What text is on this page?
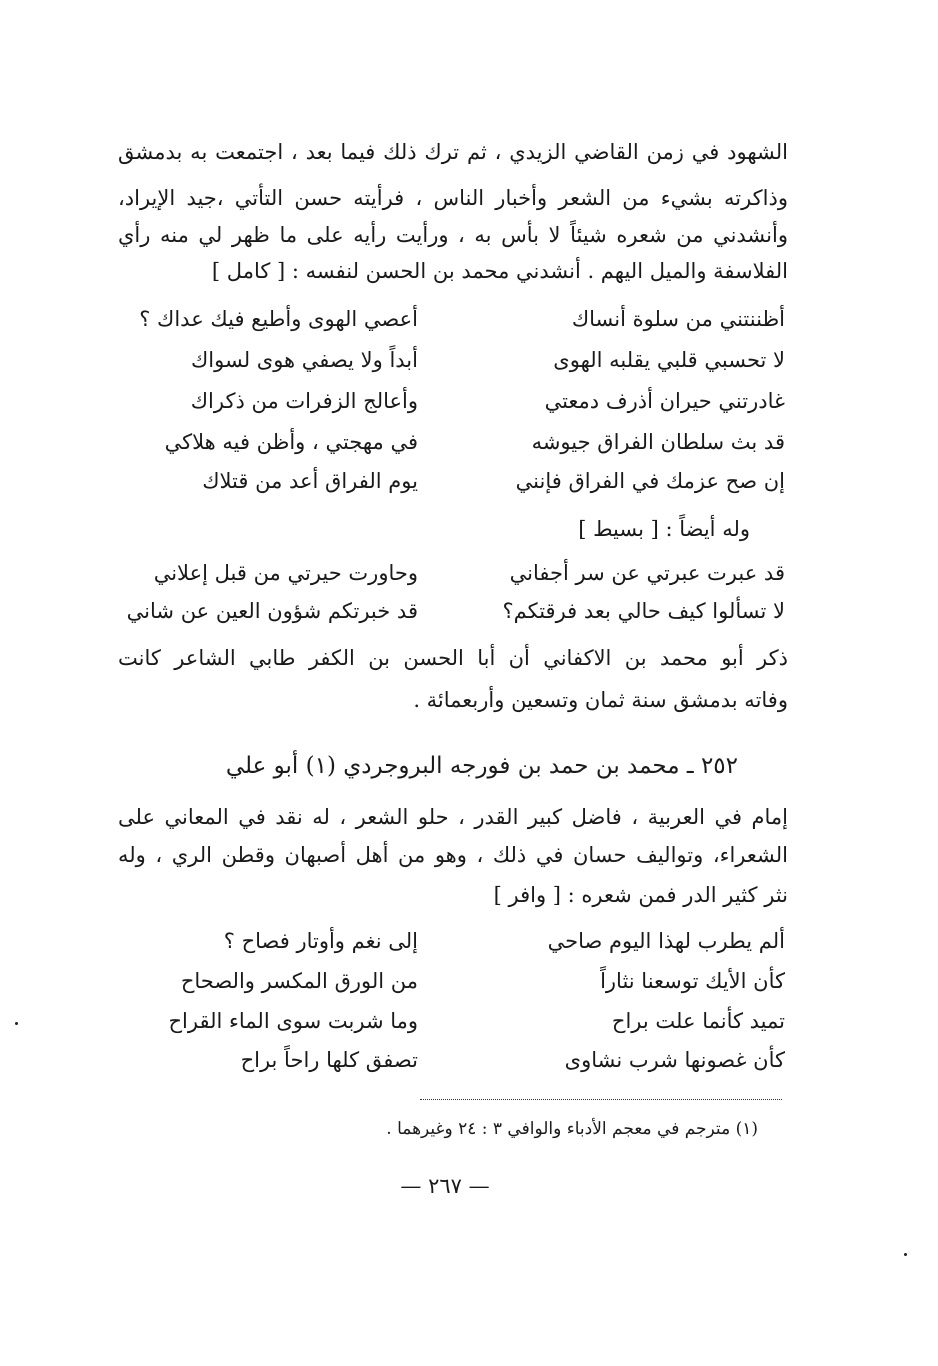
الشهود في زمن القاضي الزيدي ، ثم ترك ذلك فيما بعد ، اجتمعت به بدمشق
وذاكرته بشيء من الشعر وأخبار الناس ، فرأيته حسن التأتي ،جيد الإيراد،
وأنشدني من شعره شيئاً لا بأس به ، ورأيت رأيه على ما ظهر لي منه رأي
الفلاسفة والميل اليهم . أنشدني محمد بن الحسن لنفسه : [ كامل ]
أظننتني من سلوة أنساك
أعصي الهوى وأطيع فيك عداك ؟
لا تحسبي قلبي يقلبه الهوى
أبداً ولا يصفي هوى لسواك
غادرتني حيران أذرف دمعتي
وأعالج الزفرات من ذكراك
قد بث سلطان الفراق جيوشه
في مهجتي ، وأظن فيه هلاكي
إن صح عزمك في الفراق فإنني
يوم الفراق أعد من قتلاك
وله أيضاً : [ بسيط ]
قد عبرت عبرتي عن سر أجفاني
وحاورت حيرتي من قبل إعلاني
لا تسألوا كيف حالي بعد فرقتكم؟
قد خبرتكم شؤون العين عن شاني
ذكر أبو محمد بن الاكفاني أن أبا الحسن بن الكفر طابي الشاعر كانت
وفاته بدمشق سنة ثمان وتسعين وأربعمائة .
٢٥٢ ـ محمد بن حمد بن فورجه البروجردي (١) أبو علي
إمام في العربية ، فاضل كبير القدر ، حلو الشعر ، له نقد في المعاني على
الشعراء، وتواليف حسان في ذلك ، وهو من أهل أصبهان وقطن الري ، وله
نثر كثير الدر فمن شعره : [ وافر ]
ألم يطرب لهذا اليوم صاحي
إلى نغم وأوتار فصاح ؟
كأن الأيك توسعنا نثاراً
من الورق المكسر والصحاح
تميد كأنما علت براح
وما شربت سوى الماء القراح
كأن غصونها شرب نشاوى
تصفق كلها راحاً براح
(١) مترجم في معجم الأدباء والوافي ٣ : ٢٤ وغيرهما .
— ٢٦٧ —
